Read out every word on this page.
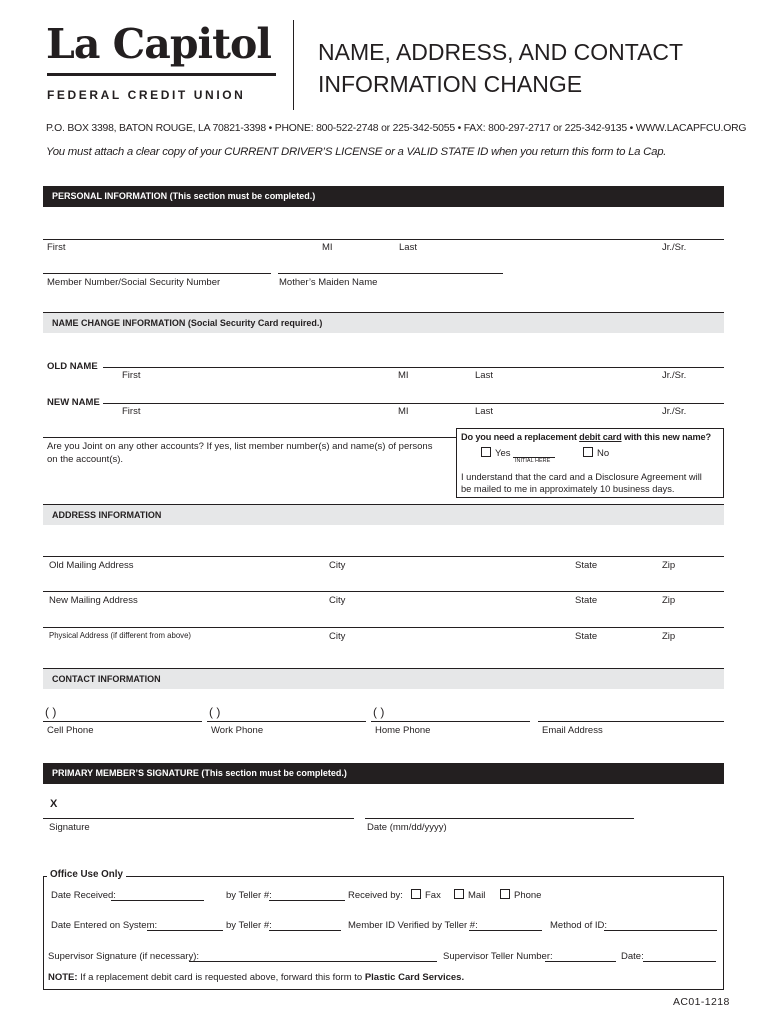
La Capitol
FEDERAL CREDIT UNION
NAME, ADDRESS, AND CONTACT
INFORMATION CHANGE
P.O. BOX 3398, BATON ROUGE, LA 70821-3398 • PHONE: 800-522-2748 or 225-342-5055 • FAX: 800-297-2717 or 225-342-9135 • WWW.LACAPFCU.ORG
You must attach a clear copy of your CURRENT DRIVER’S LICENSE or a VALID STATE ID when you return this form to La Cap.
PERSONAL INFORMATION (This section must be completed.)
First	MI	Last	Jr./Sr.
Member Number/Social Security Number	Mother’s Maiden Name
NAME CHANGE INFORMATION (Social Security Card required.)
OLD NAME
First	MI	Last	Jr./Sr.
NEW NAME
First	MI	Last	Jr./Sr.
Are you Joint on any other accounts? If yes, list member number(s) and name(s) of persons
on the account(s).
Do you need a replacement debit card with this new name?
Yes
INITIAL HERE
No
I understand that the card and a Disclosure Agreement will
be mailed to me in approximately 10 business days.
ADDRESS INFORMATION
Old Mailing Address	City	State	Zip
New Mailing Address	City	State	Zip
Physical Address (if different from above)	City	State	Zip
CONTACT INFORMATION
( )	( )	( )
Cell Phone	Work Phone	Home Phone	Email Address
PRIMARY MEMBER’S SIGNATURE (This section must be completed.)
X
Signature	Date (mm/dd/yyyy)
Office Use Only
Date Received:	by Teller #:	Received by:	Fax	Mail	Phone
Date Entered on System:	by Teller #:	Member ID Verified by Teller #:	Method of ID:
Supervisor Signature (if necessary):	Supervisor Teller Number:	Date:
NOTE: If a replacement debit card is requested above, forward this form to Plastic Card Services.
AC01-1218
